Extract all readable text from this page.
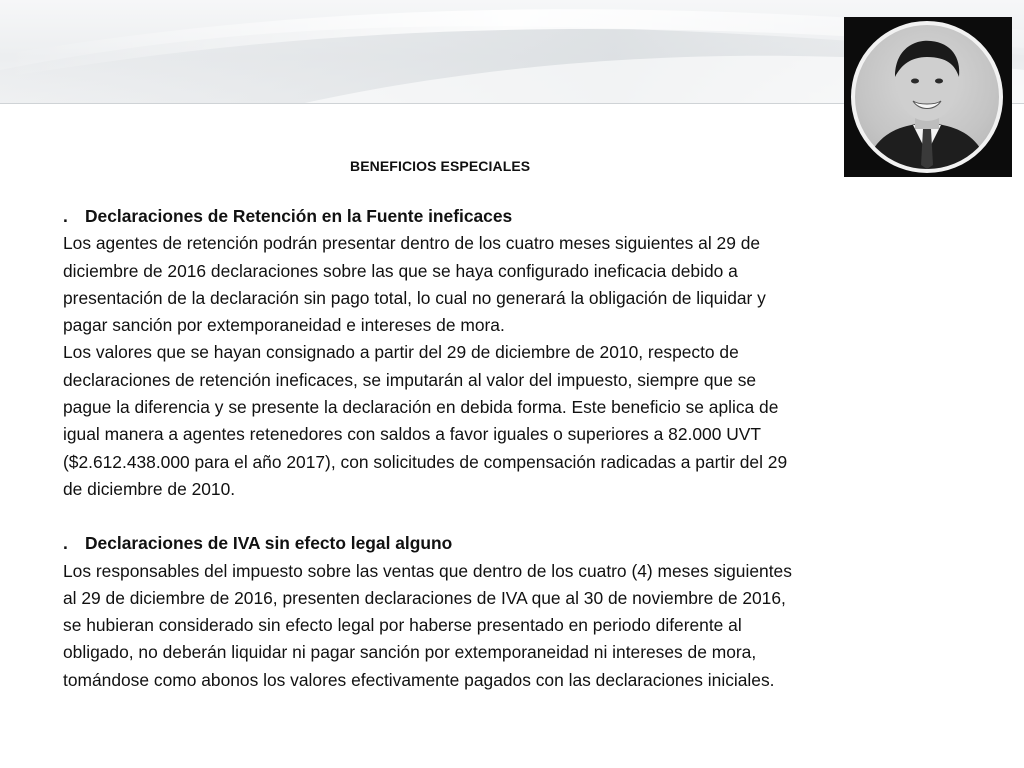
BENEFICIOS ESPECIALES

. Declaraciones de Retención en la Fuente ineficaces

Los agentes de retención podrán presentar dentro de los cuatro meses siguientes al 29 de diciembre de 2016 declaraciones sobre las que se haya configurado ineficacia debido a presentación de la declaración sin pago total, lo cual no generará la obligación de liquidar y pagar sanción por extemporaneidad e intereses de mora.

Los valores que se hayan consignado a partir del 29 de diciembre de 2010, respecto de declaraciones de retención ineficaces, se imputarán al valor del impuesto, siempre que se pague la diferencia y se presente la declaración en debida forma. Este beneficio se aplica de igual manera a agentes retenedores con saldos a favor iguales o superiores a 82.000 UVT ($2.612.438.000 para el año 2017), con solicitudes de compensación radicadas a partir del 29 de diciembre de 2010.

. Declaraciones de IVA sin efecto legal alguno

Los responsables del impuesto sobre las ventas que dentro de los cuatro (4) meses siguientes al 29 de diciembre de 2016, presenten declaraciones de IVA que al 30 de noviembre de 2016, se hubieran considerado sin efecto legal por haberse presentado en periodo diferente al obligado, no deberán liquidar ni pagar sanción por extemporaneidad ni intereses de mora, tomándose como abonos los valores efectivamente pagados con las declaraciones iniciales.
